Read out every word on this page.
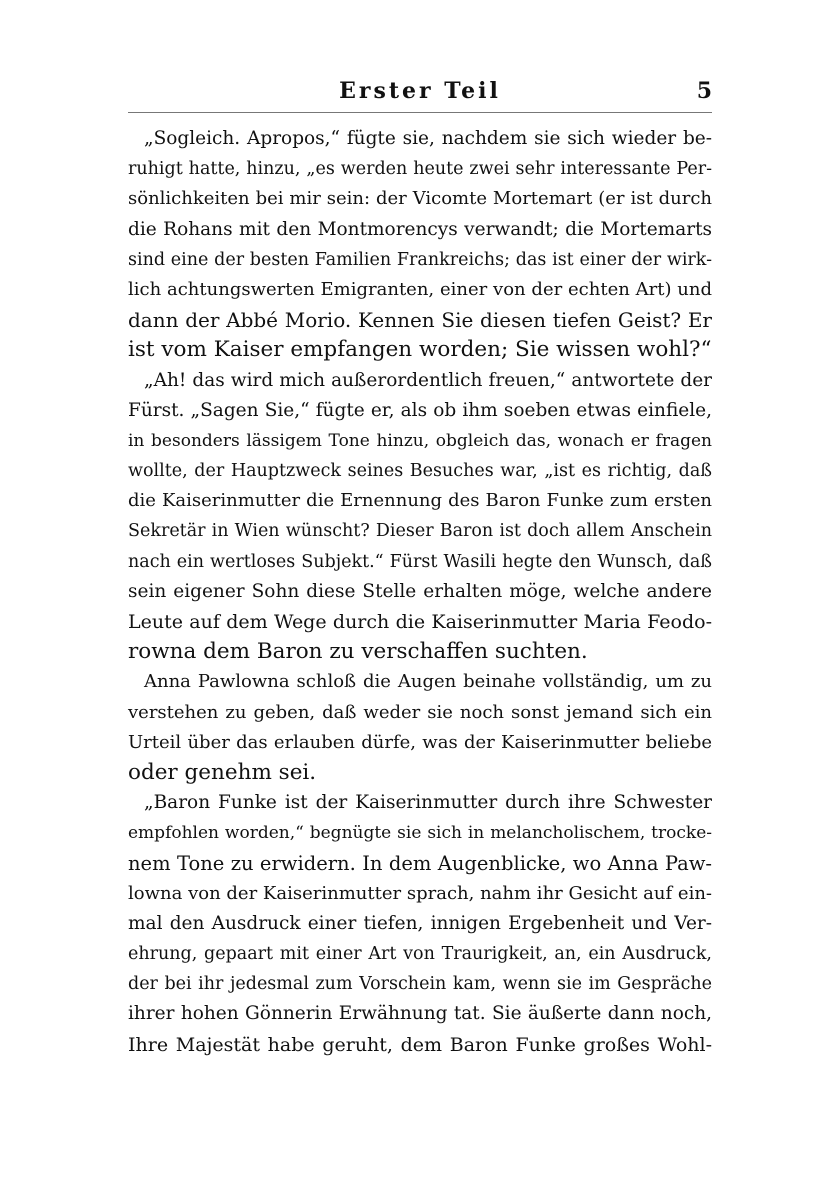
Erster Teil	5
„Sogleich. Apropos,“ fügte sie, nachdem sie sich wieder be-
ruhigt hatte, hinzu, „es werden heute zwei sehr interessante Per-
sönlichkeiten bei mir sein: der Vicomte Mortemart (er ist durch
die Rohans mit den Montmorencys verwandt; die Mortemarts
sind eine der besten Familien Frankreichs; das ist einer der wirk-
lich achtungswerten Emigranten, einer von der echten Art) und
dann der Abbé Morio. Kennen Sie diesen tiefen Geist? Er
ist vom Kaiser empfangen worden; Sie wissen wohl?“
„Ah! das wird mich außerordentlich freuen,“ antwortete der
Fürst. „Sagen Sie,“ fügte er, als ob ihm soeben etwas einfiele,
in besonders lässigem Tone hinzu, obgleich das, wonach er fragen
wollte, der Hauptzweck seines Besuches war, „ist es richtig, daß
die Kaiserinmutter die Ernennung des Baron Funke zum ersten
Sekretär in Wien wünscht? Dieser Baron ist doch allem Anschein
nach ein wertloses Subjekt.“ Fürst Wasili hegte den Wunsch, daß
sein eigener Sohn diese Stelle erhalten möge, welche andere
Leute auf dem Wege durch die Kaiserinmutter Maria Feodo-
rowna dem Baron zu verschaffen suchten.
Anna Pawlowna schloß die Augen beinahe vollständig, um zu
verstehen zu geben, daß weder sie noch sonst jemand sich ein
Urteil über das erlauben dürfe, was der Kaiserinmutter beliebe
oder genehm sei.
„Baron Funke ist der Kaiserinmutter durch ihre Schwester
empfohlen worden,“ begnügte sie sich in melancholischem, trocke-
nem Tone zu erwidern. In dem Augenblicke, wo Anna Paw-
lowna von der Kaiserinmutter sprach, nahm ihr Gesicht auf ein-
mal den Ausdruck einer tiefen, innigen Ergebenheit und Ver-
ehrung, gepaart mit einer Art von Traurigkeit, an, ein Ausdruck,
der bei ihr jedesmal zum Vorschein kam, wenn sie im Gespräche
ihrer hohen Gönnerin Erwähnung tat. Sie äußerte dann noch,
Ihre Majestät habe geruht, dem Baron Funke großes Wohl-
